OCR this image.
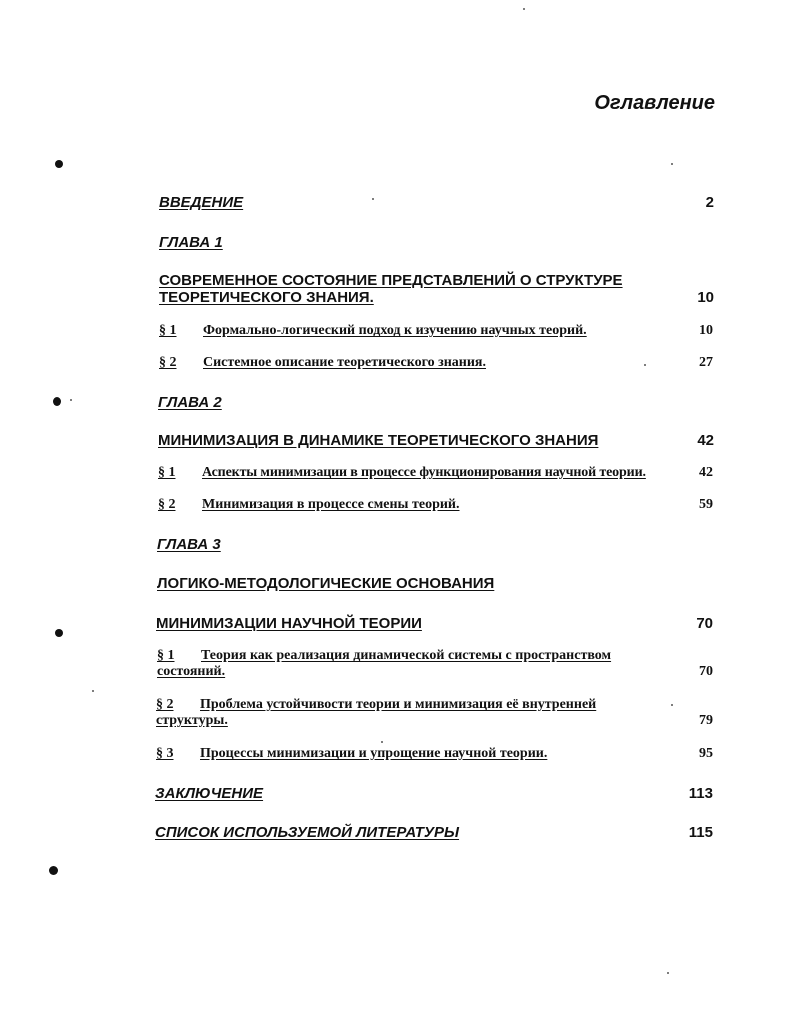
Оглавление
ВВЕДЕНИЕ	2
ГЛАВА 1
СОВРЕМЕННОЕ СОСТОЯНИЕ ПРЕДСТАВЛЕНИЙ О СТРУКТУРЕ
ТЕОРЕТИЧЕСКОГО ЗНАНИЯ.	10
§ 1 Формально-логический подход к изучению научных теорий.	10
§ 2 Системное описание теоретического знания.	27
ГЛАВА 2
МИНИМИЗАЦИЯ В ДИНАМИКЕ ТЕОРЕТИЧЕСКОГО ЗНАНИЯ	42
§ 1 Аспекты минимизации в процессе функционирования научной теории.	42
§ 2 Минимизация в процессе смены теорий.	59
ГЛАВА 3
ЛОГИКО-МЕТОДОЛОГИЧЕСКИЕ ОСНОВАНИЯ
МИНИМИЗАЦИИ НАУЧНОЙ ТЕОРИИ	70
§ 1 Теория как реализация динамической системы с пространством
состояний.	70
§ 2 Проблема устойчивости теории и минимизация её внутренней
структуры.	79
§ 3 Процессы минимизации и упрощение научной теории.	95
ЗАКЛЮЧЕНИЕ	113
СПИСОК ИСПОЛЬЗУЕМОЙ ЛИТЕРАТУРЫ	115
